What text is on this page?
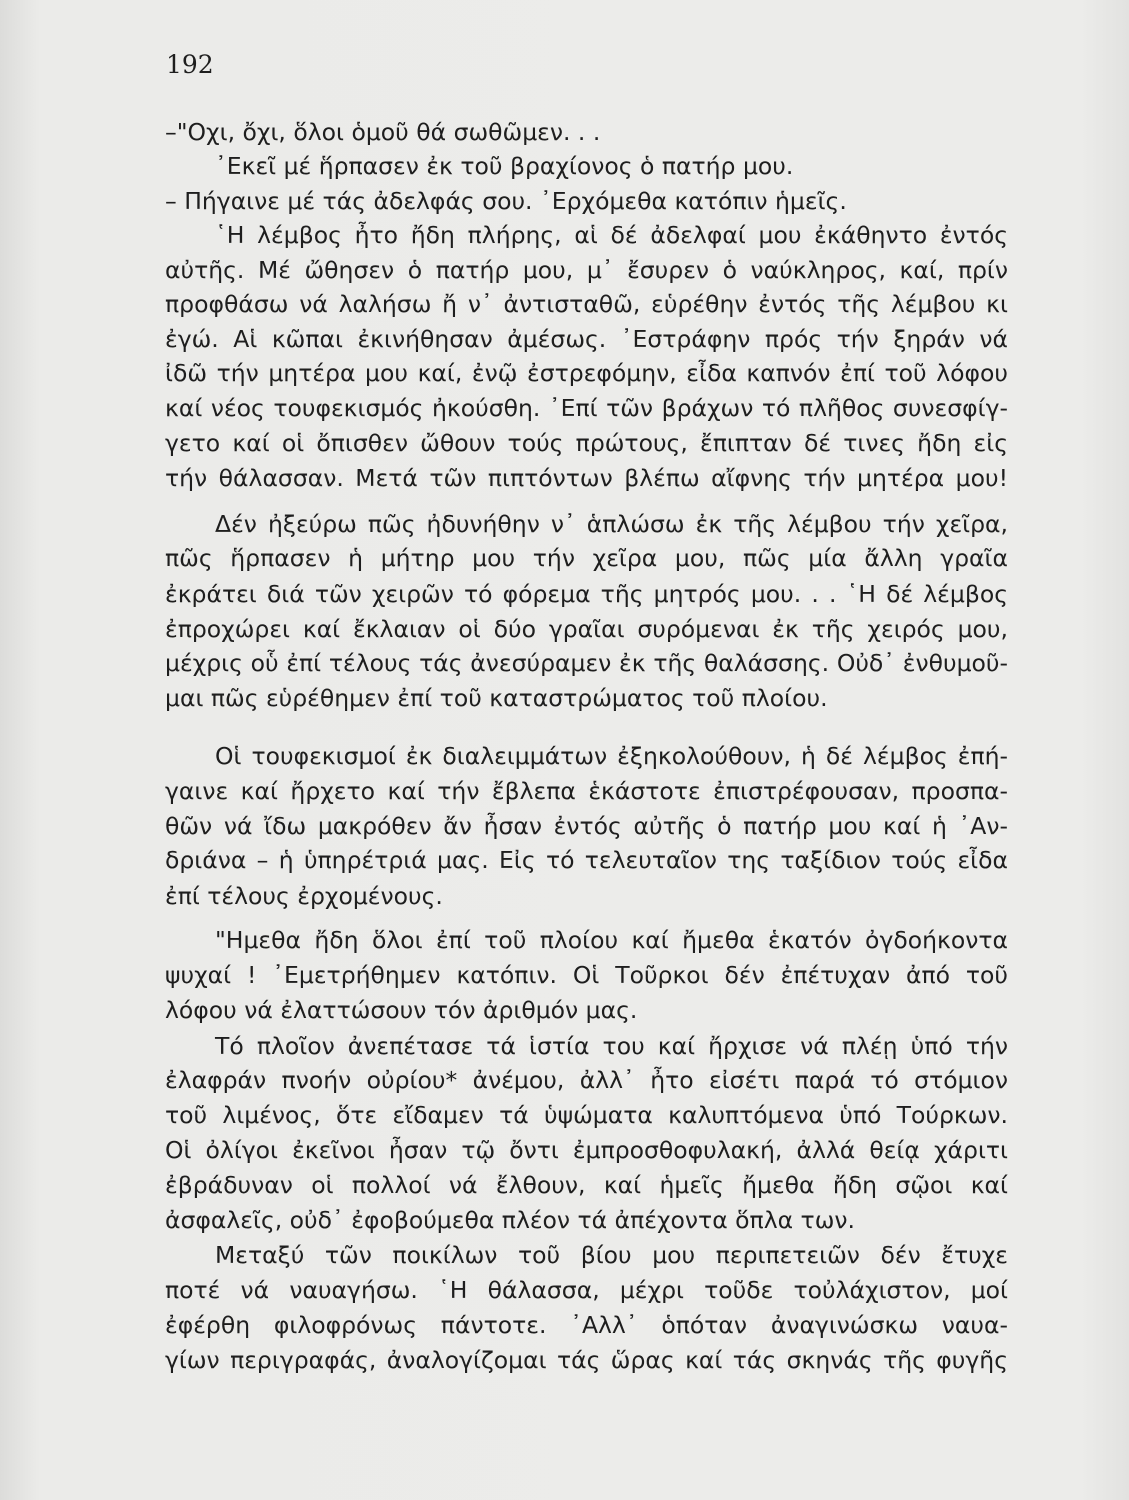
192
–"Οχι, ὄχι, ὅλοι ὁμοῦ θά σωθῶμεν. . .
᾿Εκεῖ μέ ἥρπασεν ἐκ τοῦ βραχίονος ὁ πατήρ μου.
– Πήγαινε μέ τάς ἀδελφάς σου. ᾿Ερχόμεθα κατόπιν ἡμεῖς.
῾Η λέμβος ἦτο ἤδη πλήρης, αἱ δέ ἀδελφαί μου ἐκάθηντο ἐντός
αὐτῆς. Μέ ὤθησεν ὁ πατήρ μου, μ᾿ ἔσυρεν ὁ ναύκληρος, καί, πρίν
προφθάσω νά λαλήσω ἤ ν᾿ ἀντισταθῶ, εὑρέθην ἐντός τῆς λέμβου κι
ἐγώ. Αἱ κῶπαι ἐκινήθησαν ἀμέσως. ᾿Εστράφην πρός τήν ξηράν νά
ἰδῶ τήν μητέρα μου καί, ἐνῷ ἐστρεφόμην, εἶδα καπνόν ἐπί τοῦ λόφου
καί νέος τουφεκισμός ἠκούσθη. ᾿Επί τῶν βράχων τό πλῆθος συνεσφίγ-
γετο καί οἱ ὄπισθεν ὤθουν τούς πρώτους, ἔπιπταν δέ τινες ἤδη εἰς
τήν θάλασσαν. Μετά τῶν πιπτόντων βλέπω αἴφνης τήν μητέρα μου!
Δέν ἠξεύρω πῶς ἠδυνήθην ν᾿ ἁπλώσω ἐκ τῆς λέμβου τήν χεῖρα,
πῶς ἥρπασεν ἡ μήτηρ μου τήν χεῖρα μου, πῶς μία ἄλλη γραῖα
ἐκράτει διά τῶν χειρῶν τό φόρεμα τῆς μητρός μου. . . ῾Η δέ λέμβος
ἐπροχώρει καί ἔκλαιαν οἱ δύο γραῖαι συρόμεναι ἐκ τῆς χειρός μου,
μέχρις οὗ ἐπί τέλους τάς ἀνεσύραμεν ἐκ τῆς θαλάσσης. Οὐδ᾿ ἐνθυμοῦ-
μαι πῶς εὑρέθημεν ἐπί τοῦ καταστρώματος τοῦ πλοίου.
Οἱ τουφεκισμοί ἐκ διαλειμμάτων ἐξηκολούθουν, ἡ δέ λέμβος ἐπή-
γαινε καί ἤρχετο καί τήν ἔβλεπα ἑκάστοτε ἐπιστρέφουσαν, προσπα-
θῶν νά ἴδω μακρόθεν ἄν ἦσαν ἐντός αὐτῆς ὁ πατήρ μου καί ἡ ᾿Αν-
δριάνα – ἡ ὑπηρέτριά μας. Εἰς τό τελευταῖον της ταξίδιον τούς εἶδα
ἐπί τέλους ἐρχομένους.
"Ημεθα ἤδη ὅλοι ἐπί τοῦ πλοίου καί ἤμεθα ἑκατόν ὀγδοήκοντα
ψυχαί ! ᾿Εμετρήθημεν κατόπιν. Οἱ Τοῦρκοι δέν ἐπέτυχαν ἀπό τοῦ
λόφου νά ἐλαττώσουν τόν ἀριθμόν μας.
Τό πλοῖον ἀνεπέτασε τά ἱστία του καί ἤρχισε νά πλέῃ ὑπό τήν
ἐλαφράν πνοήν οὐρίου* ἀνέμου, ἀλλ᾿ ἦτο εἰσέτι παρά τό στόμιον
τοῦ λιμένος, ὅτε εἴδαμεν τά ὑψώματα καλυπτόμενα ὑπό Τούρκων.
Οἱ ὀλίγοι ἐκεῖνοι ἦσαν τῷ ὄντι ἐμπροσθοφυλακή, ἀλλά θείᾳ χάριτι
ἐβράδυναν οἱ πολλοί νά ἔλθουν, καί ἡμεῖς ἤμεθα ἤδη σῷοι καί
ἀσφαλεῖς, οὐδ᾿ ἐφοβούμεθα πλέον τά ἀπέχοντα ὅπλα των.
Μεταξύ τῶν ποικίλων τοῦ βίου μου περιπετειῶν δέν ἔτυχε
ποτέ νά ναυαγήσω. ῾Η θάλασσα, μέχρι τοῦδε τοὐλάχιστον, μοί
ἐφέρθη φιλοφρόνως πάντοτε. ᾿Αλλ᾿ ὁπόταν ἀναγινώσκω ναυα-
γίων περιγραφάς, ἀναλογίζομαι τάς ὥρας καί τάς σκηνάς τῆς φυγῆς
